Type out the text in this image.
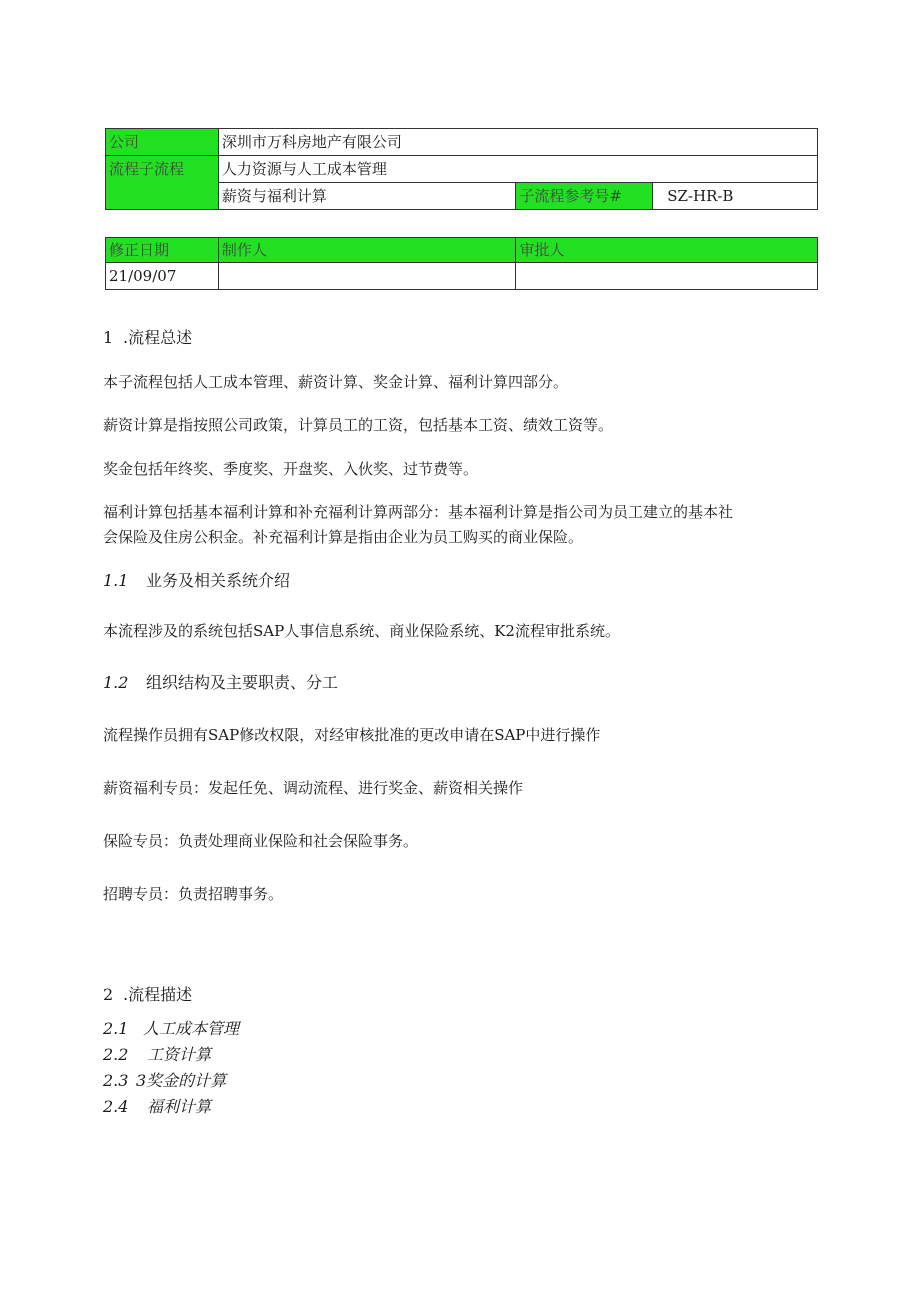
公司	深圳市万科房地产有限公司		
流程子流程	人力资源与人工成本管理		
	薪资与福利计算	子流程参考号#	SZ-HR-B
修正日期	制作人	审批人
21/09/07		
1 .流程总述
本子流程包括人工成本管理、薪资计算、奖金计算、福利计算四部分。
薪资计算是指按照公司政策，计算员工的工资，包括基本工资、绩效工资等。
奖金包括年终奖、季度奖、开盘奖、入伙奖、过节费等。
福利计算包括基本福利计算和补充福利计算两部分：基本福利计算是指公司为员工建立的基本社
会保险及住房公积金。补充福利计算是指由企业为员工购买的商业保险。
1.1 业务及相关系统介绍
本流程涉及的系统包括SAP人事信息系统、商业保险系统、K2流程审批系统。
1.2 组织结构及主要职责、分工
流程操作员拥有SAP修改权限，对经审核批准的更改申请在SAP中进行操作
薪资福利专员：发起任免、调动流程、进行奖金、薪资相关操作
保险专员：负责处理商业保险和社会保险事务。
招聘专员：负责招聘事务。
2 .流程描述
2.1 人工成本管理
2.2 工资计算
2.3 3奖金的计算
2.4 福利计算
